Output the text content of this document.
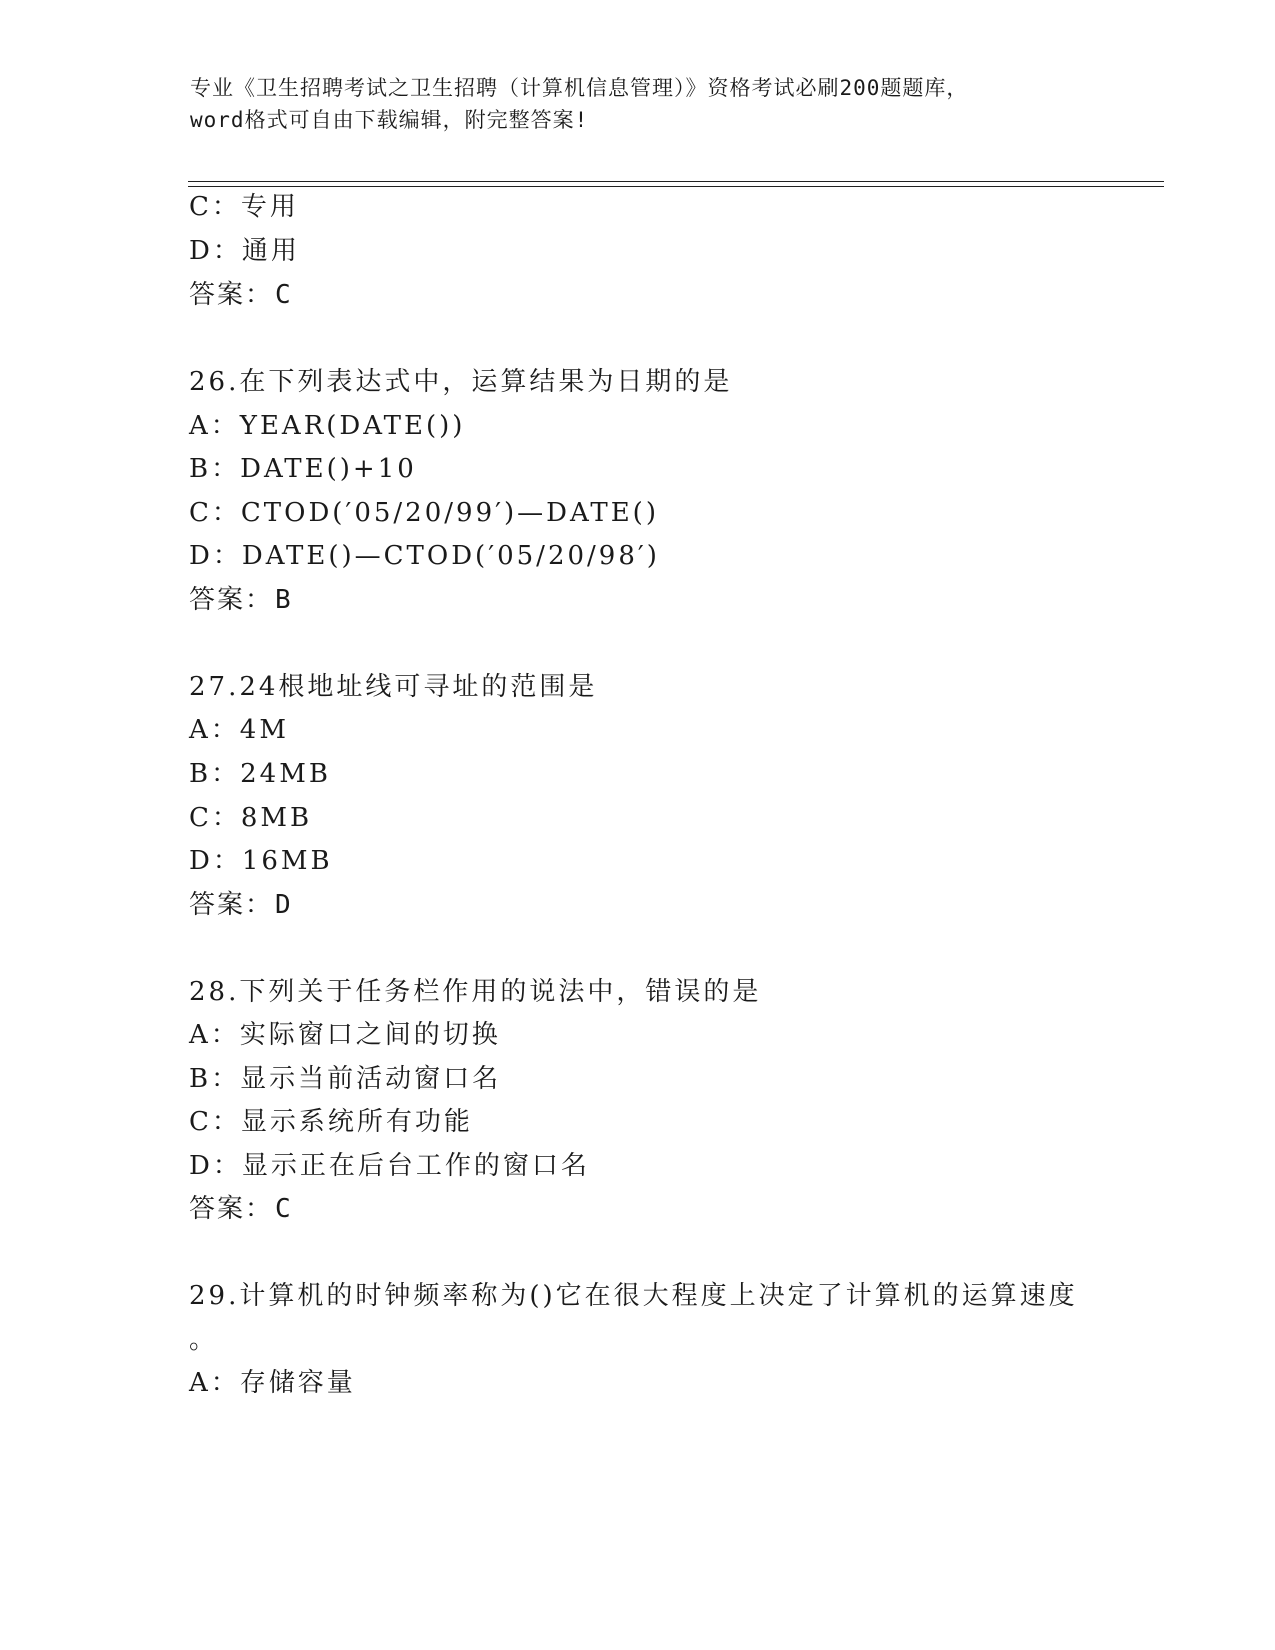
专业《卫生招聘考试之卫生招聘（计算机信息管理）》资格考试必刷200题题库，
word格式可自由下载编辑，附完整答案!
C：专用
D：通用
答案：C
26.在下列表达式中，运算结果为日期的是
A：YEAR(DATE())
B：DATE()+10
C：CTOD(′05/20/99′)—DATE()
D：DATE()—CTOD(′05/20/98′)
答案：B
27.24根地址线可寻址的范围是
A：4M
B：24MB
C：8MB
D：16MB
答案：D
28.下列关于任务栏作用的说法中，错误的是
A：实际窗口之间的切换
B：显示当前活动窗口名
C：显示系统所有功能
D：显示正在后台工作的窗口名
答案：C
29.计算机的时钟频率称为()它在很大程度上决定了计算机的运算速度
。
A：存储容量
